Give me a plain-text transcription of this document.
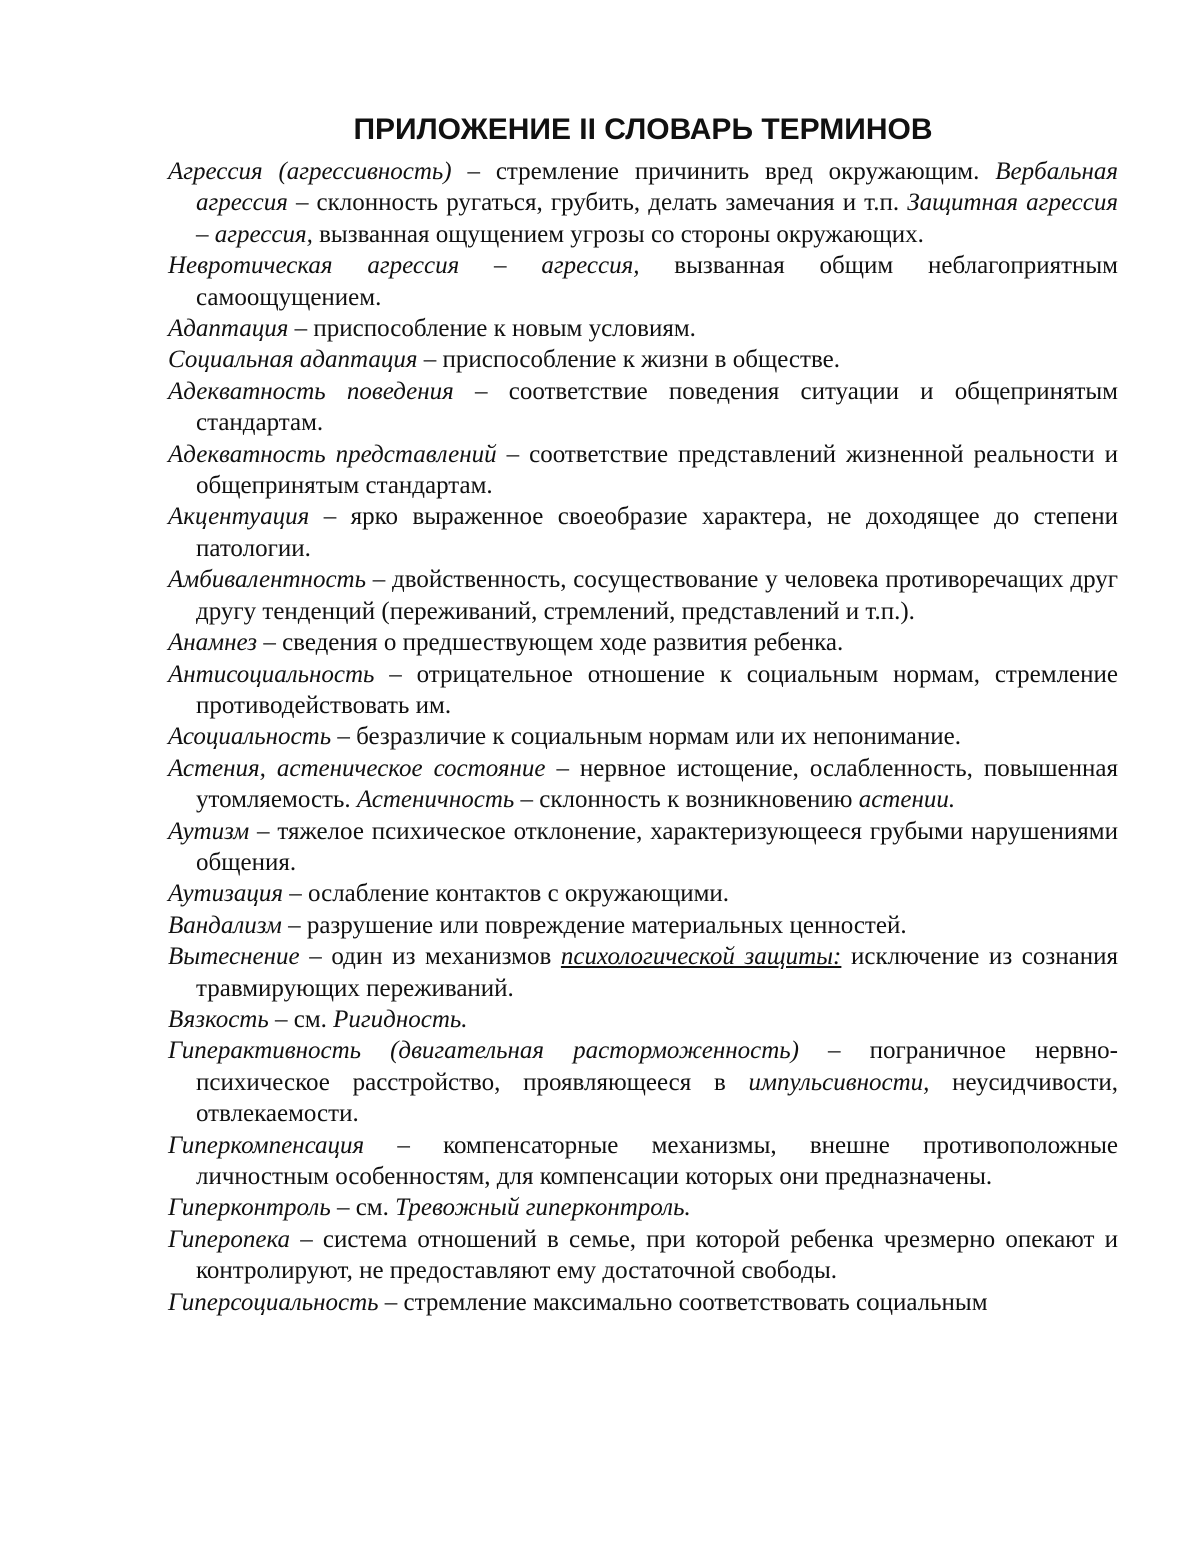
ПРИЛОЖЕНИЕ II СЛОВАРЬ ТЕРМИНОВ

Агрессия (агрессивность) – стремление причинить вред окружающим. Вербальная агрессия – склонность ругаться, грубить, делать замечания и т.п. Защитная агрессия – агрессия, вызванная ощущением угрозы со стороны окружающих.

Невротическая агрессия – агрессия, вызванная общим неблагоприятным самоощущением.

Адаптация – приспособление к новым условиям.

Социальная адаптация – приспособление к жизни в обществе.

Адекватность поведения – соответствие поведения ситуации и общепринятым стандартам.

Адекватность представлений – соответствие представлений жизненной реальности и общепринятым стандартам.

Акцентуация – ярко выраженное своеобразие характера, не доходящее до степени патологии.

Амбивалентность – двойственность, сосуществование у человека противоречащих друг другу тенденций (переживаний, стремлений, представлений и т.п.).

Анамнез – сведения о предшествующем ходе развития ребенка.

Антисоциальность – отрицательное отношение к социальным нормам, стремление противодействовать им.

Асоциальность – безразличие к социальным нормам или их непонимание.

Астения, астеническое состояние – нервное истощение, ослабленность, повышенная утомляемость. Астеничность – склонность к возникновению астении.

Аутизм – тяжелое психическое отклонение, характеризующееся грубыми нарушениями общения.

Аутизация – ослабление контактов с окружающими.

Вандализм – разрушение или повреждение материальных ценностей.

Вытеснение – один из механизмов психологической защиты: исключение из сознания травмирующих переживаний.

Вязкость – см. Ригидность.

Гиперактивность (двигательная расторможенность) – пограничное нервно-психическое расстройство, проявляющееся в импульсивности, неусидчивости, отвлекаемости.

Гиперкомпенсация – компенсаторные механизмы, внешне противоположные личностным особенностям, для компенсации которых они предназначены.

Гиперконтроль – см. Тревожный гиперконтроль.

Гиперопека – система отношений в семье, при которой ребенка чрезмерно опекают и контролируют, не предоставляют ему достаточной свободы.

Гиперсоциальность – стремление максимально соответствовать социальным
